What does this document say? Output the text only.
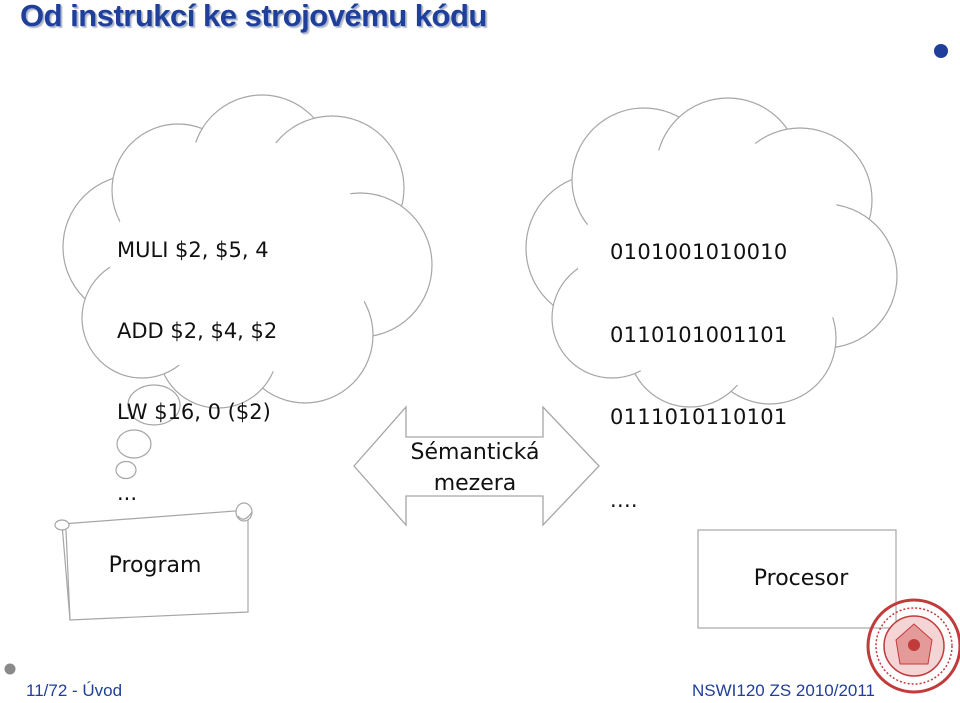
Od instrukcí ke strojovému kódu

MULI $2, $5, 4

ADD $2, $4, $2

LW $16, 0 ($2)

...

0101001010010

0110101001101

0111010110101

....

Sémantická
mezera
Program
Procesor
11/72 - Úvod	NSWI120 ZS 2010/2011
